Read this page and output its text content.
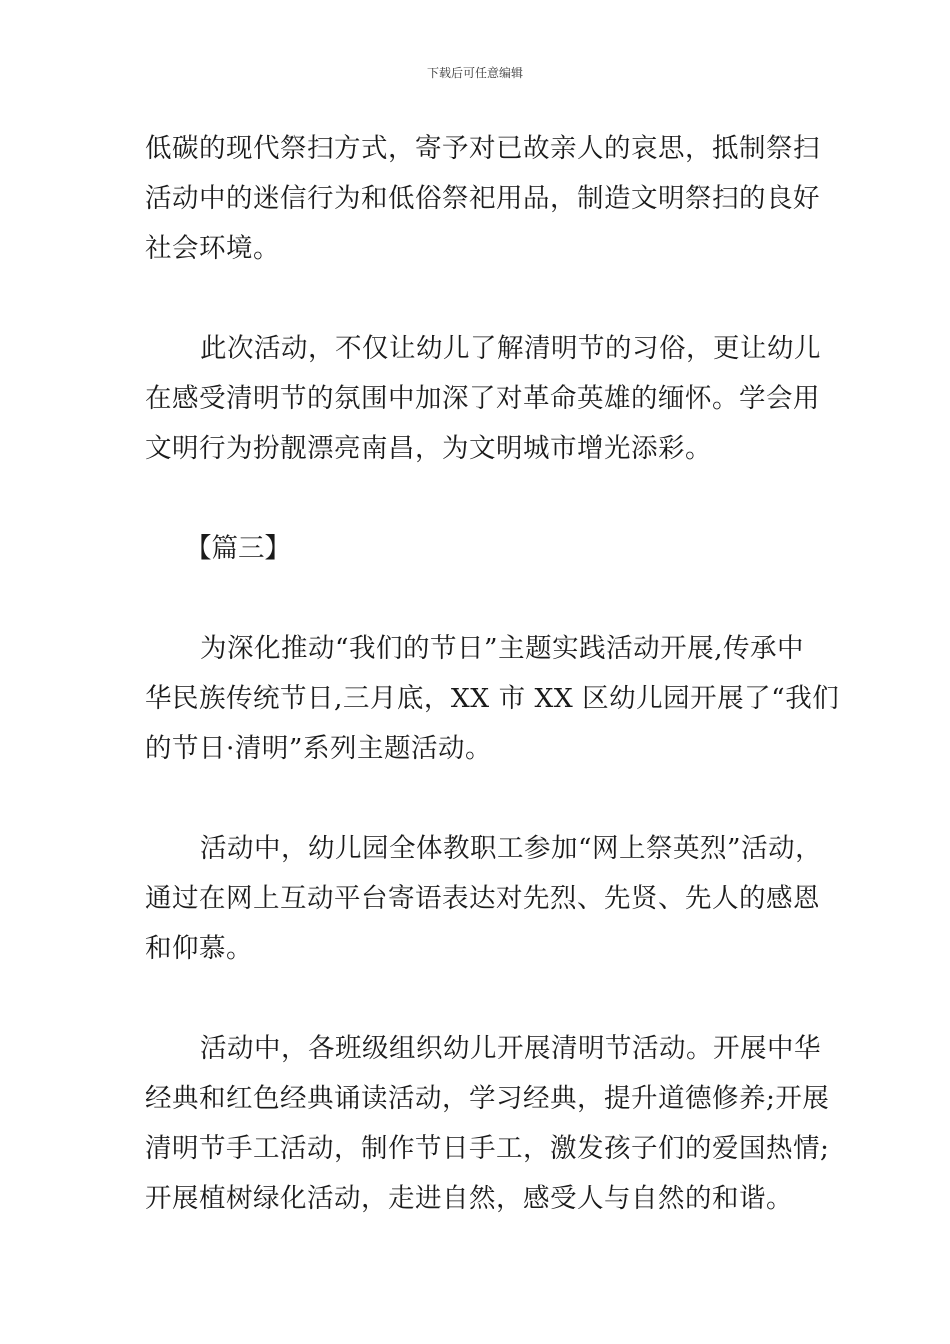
下载后可任意编辑

低碳的现代祭扫方式，寄予对已故亲人的哀思，抵制祭扫
活动中的迷信行为和低俗祭祀用品，制造文明祭扫的良好
社会环境。

此次活动，不仅让幼儿了解清明节的习俗，更让幼儿
在感受清明节的氛围中加深了对革命英雄的缅怀。学会用
文明行为扮靓漂亮南昌，为文明城市增光添彩。

【篇三】

为深化推动“我们的节日”主题实践活动开展,传承中
华民族传统节日,三月底，XX 市 XX 区幼儿园开展了“我们
的节日·清明”系列主题活动。

活动中，幼儿园全体教职工参加“网上祭英烈”活动，
通过在网上互动平台寄语表达对先烈、先贤、先人的感恩
和仰慕。

活动中，各班级组织幼儿开展清明节活动。开展中华
经典和红色经典诵读活动，学习经典，提升道德修养;开展
清明节手工活动，制作节日手工，激发孩子们的爱国热情;
开展植树绿化活动，走进自然，感受人与自然的和谐。
